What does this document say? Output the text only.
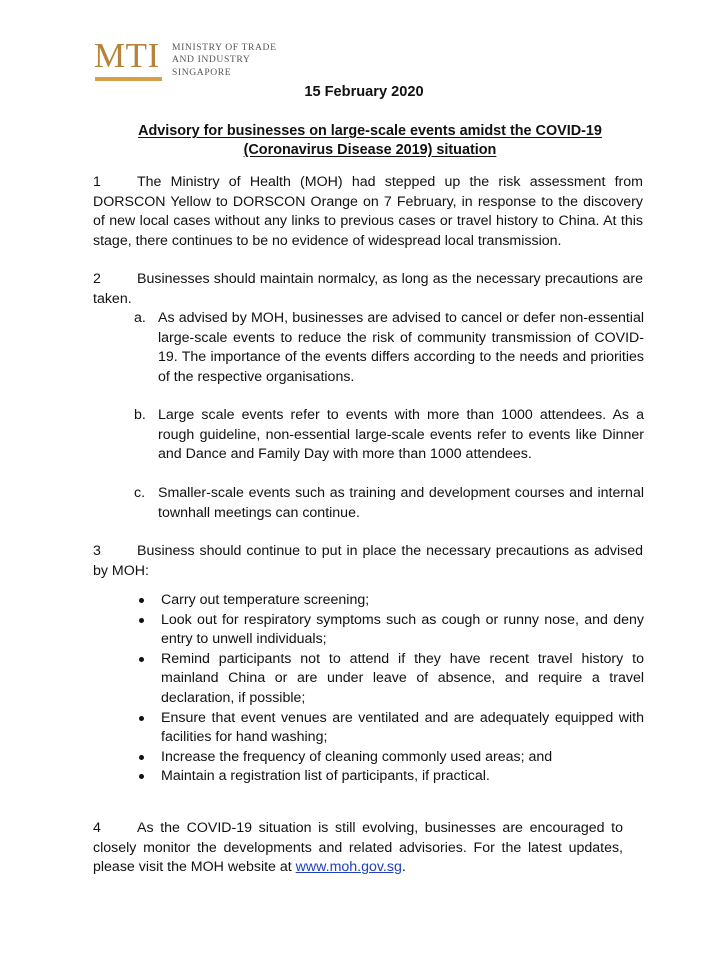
MTI MINISTRY OF TRADE
AND INDUSTRY
SINGAPORE
15 February 2020
Advisory for businesses on large-scale events amidst the COVID-19
(Coronavirus Disease 2019) situation
1	The Ministry of Health (MOH) had stepped up the risk assessment from DORSCON Yellow to DORSCON Orange on 7 February, in response to the discovery of new local cases without any links to previous cases or travel history to China. At this stage, there continues to be no evidence of widespread local transmission.
2	Businesses should maintain normalcy, as long as the necessary precautions are taken.
a. As advised by MOH, businesses are advised to cancel or defer non-essential large-scale events to reduce the risk of community transmission of COVID-19. The importance of the events differs according to the needs and priorities of the respective organisations.
b. Large scale events refer to events with more than 1000 attendees. As a rough guideline, non-essential large-scale events refer to events like Dinner and Dance and Family Day with more than 1000 attendees.
c. Smaller-scale events such as training and development courses and internal townhall meetings can continue.
3	Business should continue to put in place the necessary precautions as advised by MOH:
Carry out temperature screening;
Look out for respiratory symptoms such as cough or runny nose, and deny entry to unwell individuals;
Remind participants not to attend if they have recent travel history to mainland China or are under leave of absence, and require a travel declaration, if possible;
Ensure that event venues are ventilated and are adequately equipped with facilities for hand washing;
Increase the frequency of cleaning commonly used areas; and
Maintain a registration list of participants, if practical.
4	As the COVID-19 situation is still evolving, businesses are encouraged to closely monitor the developments and related advisories. For the latest updates, please visit the MOH website at www.moh.gov.sg.
